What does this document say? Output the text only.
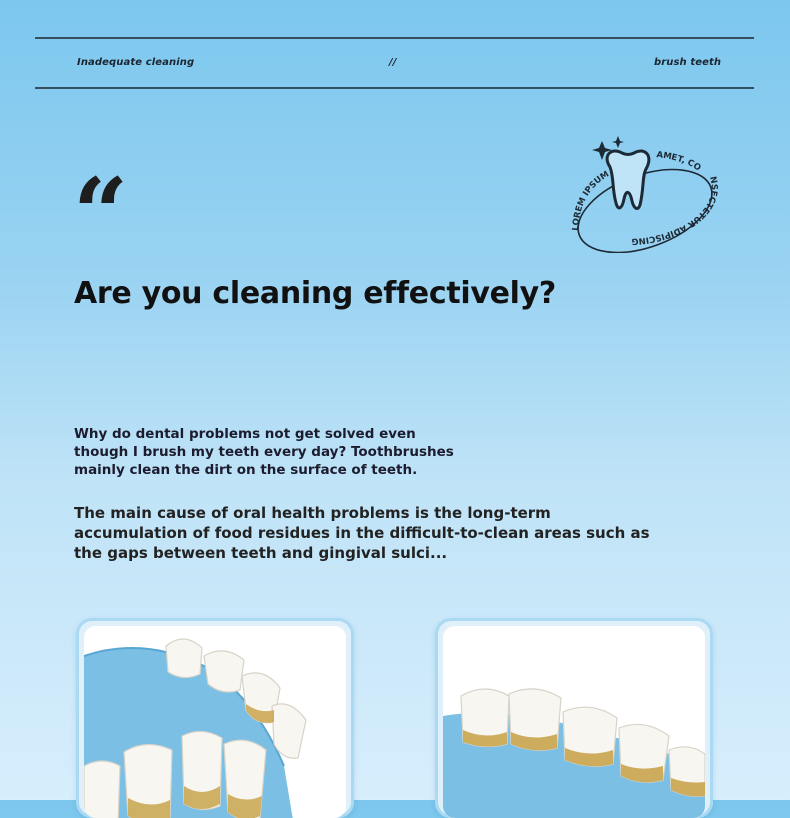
Inadequate cleaning	//	brush teeth
“	LOREM IPSUM
AMET, CO
NSECTETUR
ADIPISCING
Are you cleaning effectively?
Why do dental problems not get solved even though I brush my teeth every day? Toothbrushes mainly clean the dirt on the surface of teeth.
The main cause of oral health problems is the long-term accumulation of food residues in the difficult-to-clean areas such as the gaps between teeth and gingival sulci...
